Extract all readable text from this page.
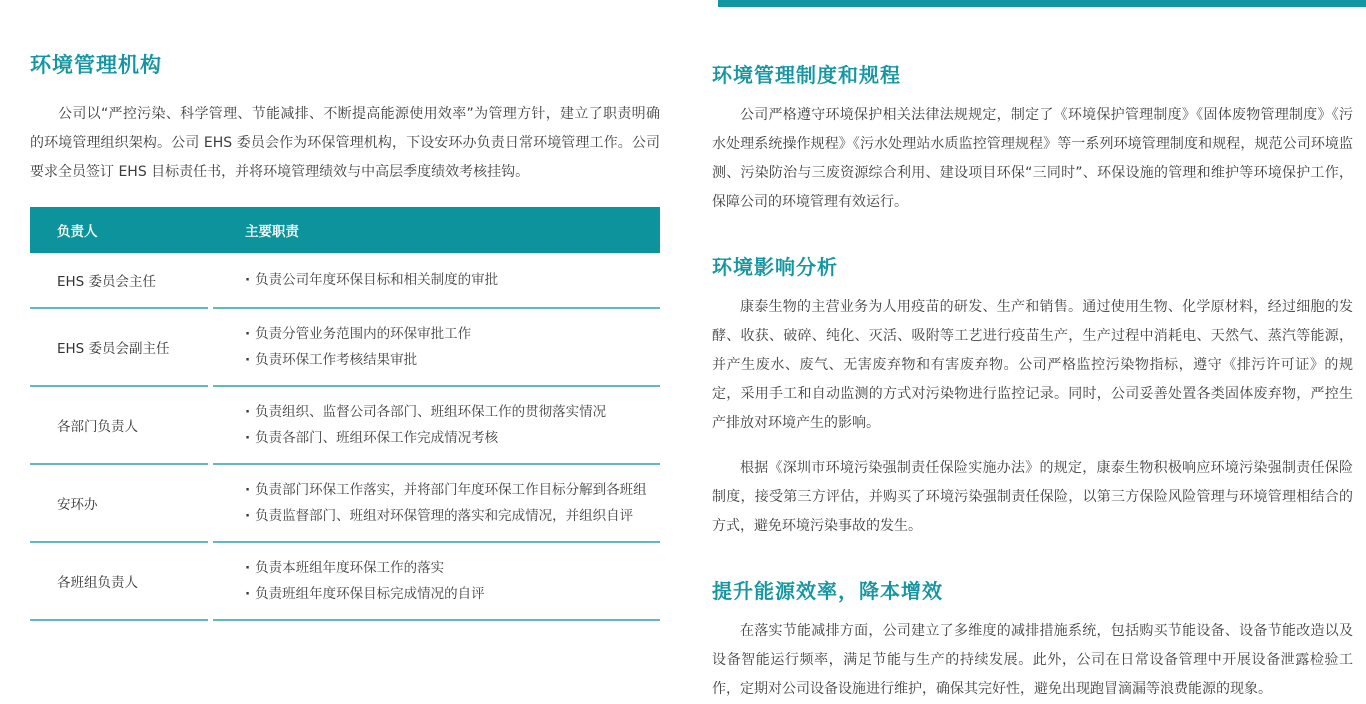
环境管理机构

公司以“严控污染、科学管理、节能减排、不断提高能源使用效率”为管理方针，建立了职责明确的环境管理组织架构。公司 EHS 委员会作为环保管理机构，下设安环办负责日常环境管理工作。公司要求全员签订 EHS 目标责任书，并将环境管理绩效与中高层季度绩效考核挂钩。

负责人	主要职责
EHS 委员会主任	· 负责公司年度环保目标和相关制度的审批
EHS 委员会副主任
· 负责分管业务范围内的环保审批工作
· 负责环保工作考核结果审批
各部门负责人
· 负责组织、监督公司各部门、班组环保工作的贯彻落实情况
· 负责各部门、班组环保工作完成情况考核
安环办
· 负责部门环保工作落实，并将部门年度环保工作目标分解到各班组
· 负责监督部门、班组对环保管理的落实和完成情况，并组织自评
各班组负责人
· 负责本班组年度环保工作的落实
· 负责班组年度环保目标完成情况的自评
环境管理制度和规程

公司严格遵守环境保护相关法律法规规定，制定了《环境保护管理制度》《固体废物管理制度》《污水处理系统操作规程》《污水处理站水质监控管理规程》等一系列环境管理制度和规程，规范公司环境监测、污染防治与三废资源综合利用、建设项目环保“三同时”、环保设施的管理和维护等环境保护工作，保障公司的环境管理有效运行。

环境影响分析

康泰生物的主营业务为人用疫苗的研发、生产和销售。通过使用生物、化学原材料，经过细胞的发酵、收获、破碎、纯化、灭活、吸附等工艺进行疫苗生产，生产过程中消耗电、天然气、蒸汽等能源，并产生废水、废气、无害废弃物和有害废弃物。公司严格监控污染物指标，遵守《排污许可证》的规定，采用手工和自动监测的方式对污染物进行监控记录。同时，公司妥善处置各类固体废弃物，严控生产排放对环境产生的影响。

根据《深圳市环境污染强制责任保险实施办法》的规定，康泰生物积极响应环境污染强制责任保险制度，接受第三方评估，并购买了环境污染强制责任保险，以第三方保险风险管理与环境管理相结合的方式，避免环境污染事故的发生。

提升能源效率，降本增效

在落实节能减排方面，公司建立了多维度的减排措施系统，包括购买节能设备、设备节能改造以及设备智能运行频率，满足节能与生产的持续发展。此外，公司在日常设备管理中开展设备泄露检验工作，定期对公司设备设施进行维护，确保其完好性，避免出现跑冒滴漏等浪费能源的现象。
